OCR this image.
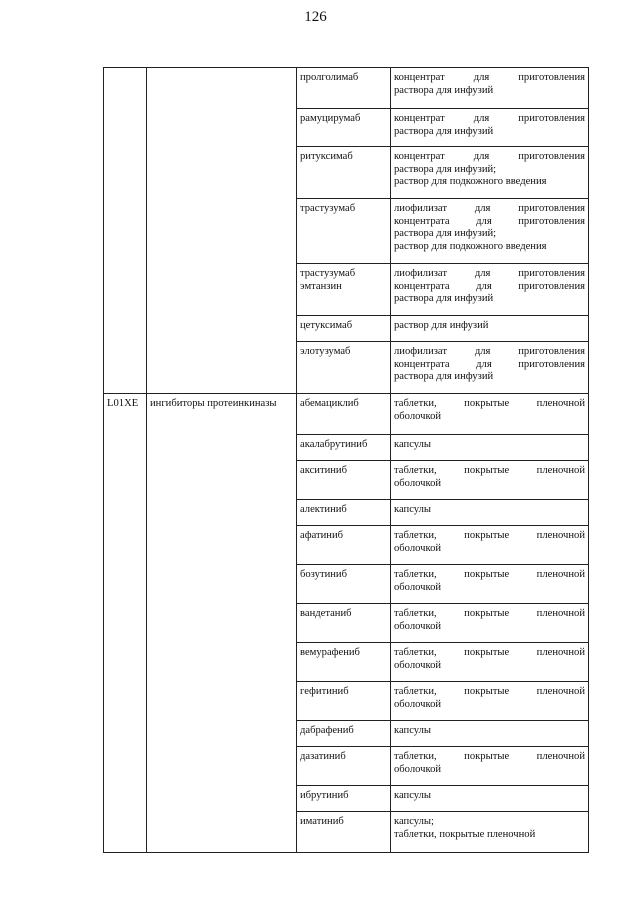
126

		пролголимаб	концентрат для приготовления
раствора для инфузий

		рамуцирумаб	концентрат для приготовления
раствора для инфузий

		ритуксимаб	концентрат для приготовления
раствора для инфузий;
раствор для подкожного введения

		трастузумаб	лиофилизат для приготовления
концентрата для приготовления
раствора для инфузий;
раствор для подкожного введения

		трастузумаб
эмтанзин	лиофилизат для приготовления
концентрата для приготовления
раствора для инфузий

		цетуксимаб	раствор для инфузий

		элотузумаб	лиофилизат для приготовления
концентрата для приготовления
раствора для инфузий

L01XE	ингибиторы протеинкиназы	абемациклиб	таблетки, покрытые пленочной
оболочкой

		акалабрутиниб	капсулы

		акситиниб	таблетки, покрытые пленочной
оболочкой

		алектиниб	капсулы

		афатиниб	таблетки, покрытые пленочной
оболочкой

		бозутиниб	таблетки, покрытые пленочной
оболочкой

		вандетаниб	таблетки, покрытые пленочной
оболочкой

		вемурафениб	таблетки, покрытые пленочной
оболочкой

		гефитиниб	таблетки, покрытые пленочной
оболочкой

		дабрафениб	капсулы

		дазатиниб	таблетки, покрытые пленочной
оболочкой

		ибрутиниб	капсулы

		иматиниб	капсулы;
таблетки, покрытые пленочной
